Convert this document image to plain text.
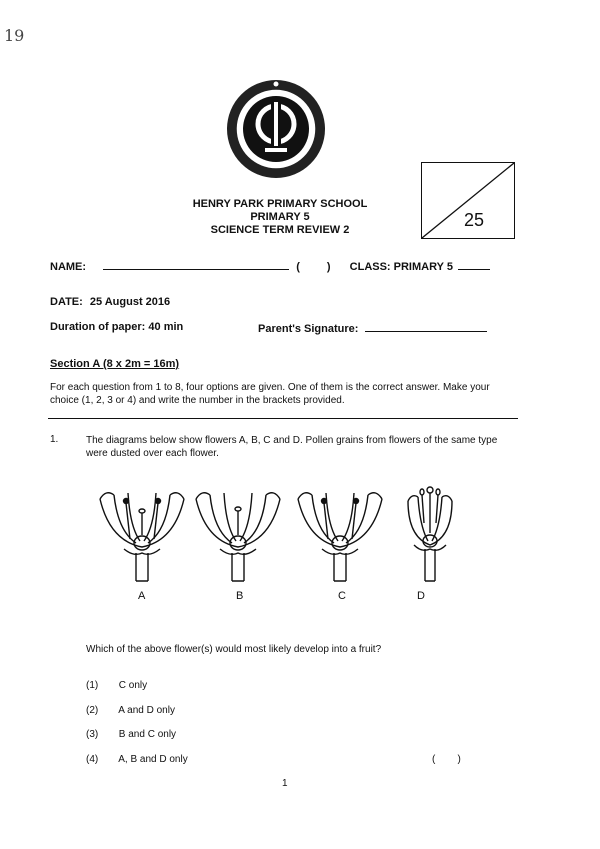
19
25
HENRY PARK PRIMARY SCHOOL
PRIMARY 5
SCIENCE TERM REVIEW 2
NAME:	( ) CLASS: PRIMARY 5
DATE: 25 August 2016
Duration of paper: 40 min	Parent's Signature:
Section A (8 x 2m = 16m)
For each question from 1 to 8, four options are given. One of them is the correct answer. Make your choice (1, 2, 3 or 4) and write the number in the brackets provided.
1.	The diagrams below show flowers A, B, C and D. Pollen grains from flowers of the same type were dusted over each flower.
A	B	C	D
Which of the above flower(s) would most likely develop into a fruit?
(1) C only
(2) A and D only
(3) B and C only
(4) A, B and D only	(        )
1
